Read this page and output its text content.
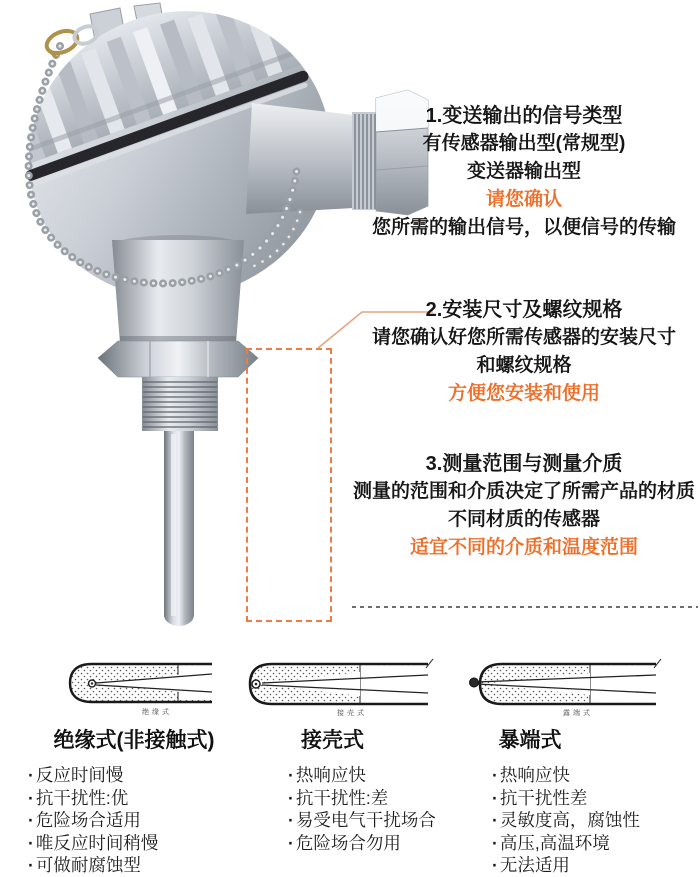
1.变送输出的信号类型
有传感器输出型(常规型)
变送器输出型
请您确认
您所需的输出信号，以便信号的传输
2.安装尺寸及螺纹规格
请您确认好您所需传感器的安装尺寸
和螺纹规格
方便您安装和使用
3.测量范围与测量介质
测量的范围和介质决定了所需产品的材质
不同材质的传感器
适宜不同的介质和温度范围
绝缘式	接壳式	露端式
绝缘式(非接触式)
· 反应时间慢
· 抗干扰性:优
· 危险场合适用
· 唯反应时间稍慢
· 可做耐腐蚀型
接壳式
· 热响应快
· 抗干扰性:差
· 易受电气干扰场合
· 危险场合勿用
暴端式
· 热响应快
· 抗干扰性差
· 灵敏度高，腐蚀性
· 高压,高温环境
· 无法适用
